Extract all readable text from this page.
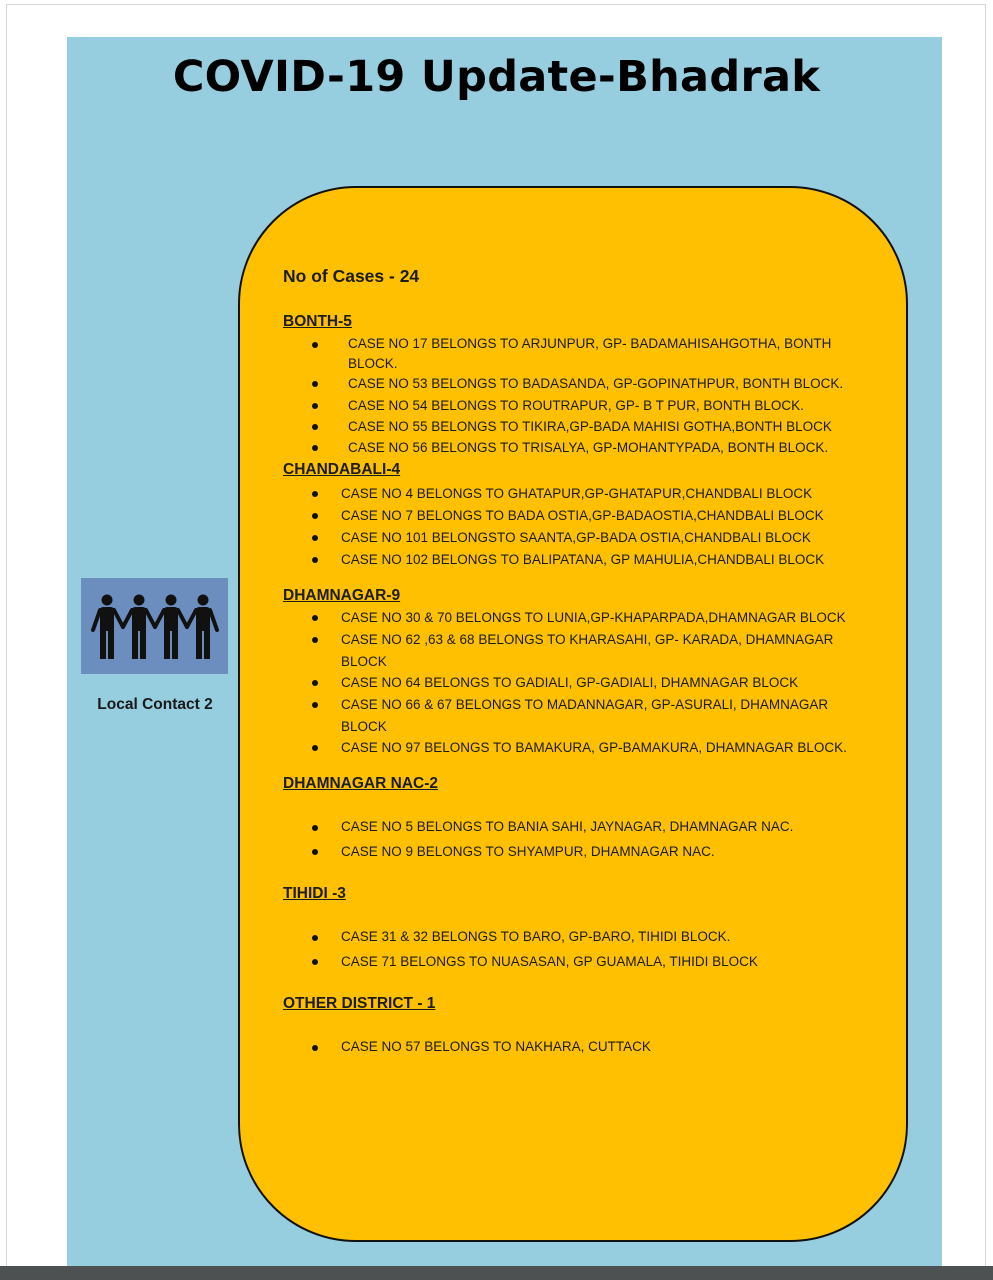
COVID-19 Update-Bhadrak
Local Contact 2
No of Cases - 24
BONTH-5
CASE NO 17 BELONGS TO ARJUNPUR, GP- BADAMAHISAHGOTHA, BONTH
BLOCK.
CASE NO 53 BELONGS TO BADASANDA, GP-GOPINATHPUR, BONTH BLOCK.
CASE NO 54 BELONGS TO ROUTRAPUR, GP- B T PUR, BONTH BLOCK.
CASE NO 55 BELONGS TO TIKIRA,GP-BADA MAHISI GOTHA,BONTH BLOCK
CASE NO 56 BELONGS TO TRISALYA, GP-MOHANTYPADA, BONTH BLOCK.
CHANDABALI-4
CASE NO 4 BELONGS TO GHATAPUR,GP-GHATAPUR,CHANDBALI BLOCK
CASE NO 7 BELONGS TO BADA OSTIA,GP-BADAOSTIA,CHANDBALI BLOCK
CASE NO 101 BELONGSTO SAANTA,GP-BADA OSTIA,CHANDBALI BLOCK
CASE NO 102 BELONGS TO BALIPATANA, GP MAHULIA,CHANDBALI BLOCK
DHAMNAGAR-9
CASE NO 30 & 70 BELONGS TO LUNIA,GP-KHAPARPADA,DHAMNAGAR BLOCK
CASE NO 62 ,63 & 68 BELONGS TO KHARASAHI, GP- KARADA, DHAMNAGAR
BLOCK
CASE NO 64 BELONGS TO GADIALI, GP-GADIALI, DHAMNAGAR BLOCK
CASE NO 66 & 67 BELONGS TO MADANNAGAR, GP-ASURALI, DHAMNAGAR
BLOCK
CASE NO 97 BELONGS TO BAMAKURA, GP-BAMAKURA, DHAMNAGAR BLOCK.
DHAMNAGAR NAC-2
CASE NO 5 BELONGS TO BANIA SAHI, JAYNAGAR, DHAMNAGAR NAC.
CASE NO 9 BELONGS TO SHYAMPUR, DHAMNAGAR NAC.
TIHIDI -3
CASE 31 & 32 BELONGS TO BARO, GP-BARO, TIHIDI BLOCK.
CASE 71 BELONGS TO NUASASAN, GP GUAMALA, TIHIDI BLOCK
OTHER DISTRICT - 1
CASE NO 57 BELONGS TO NAKHARA, CUTTACK
